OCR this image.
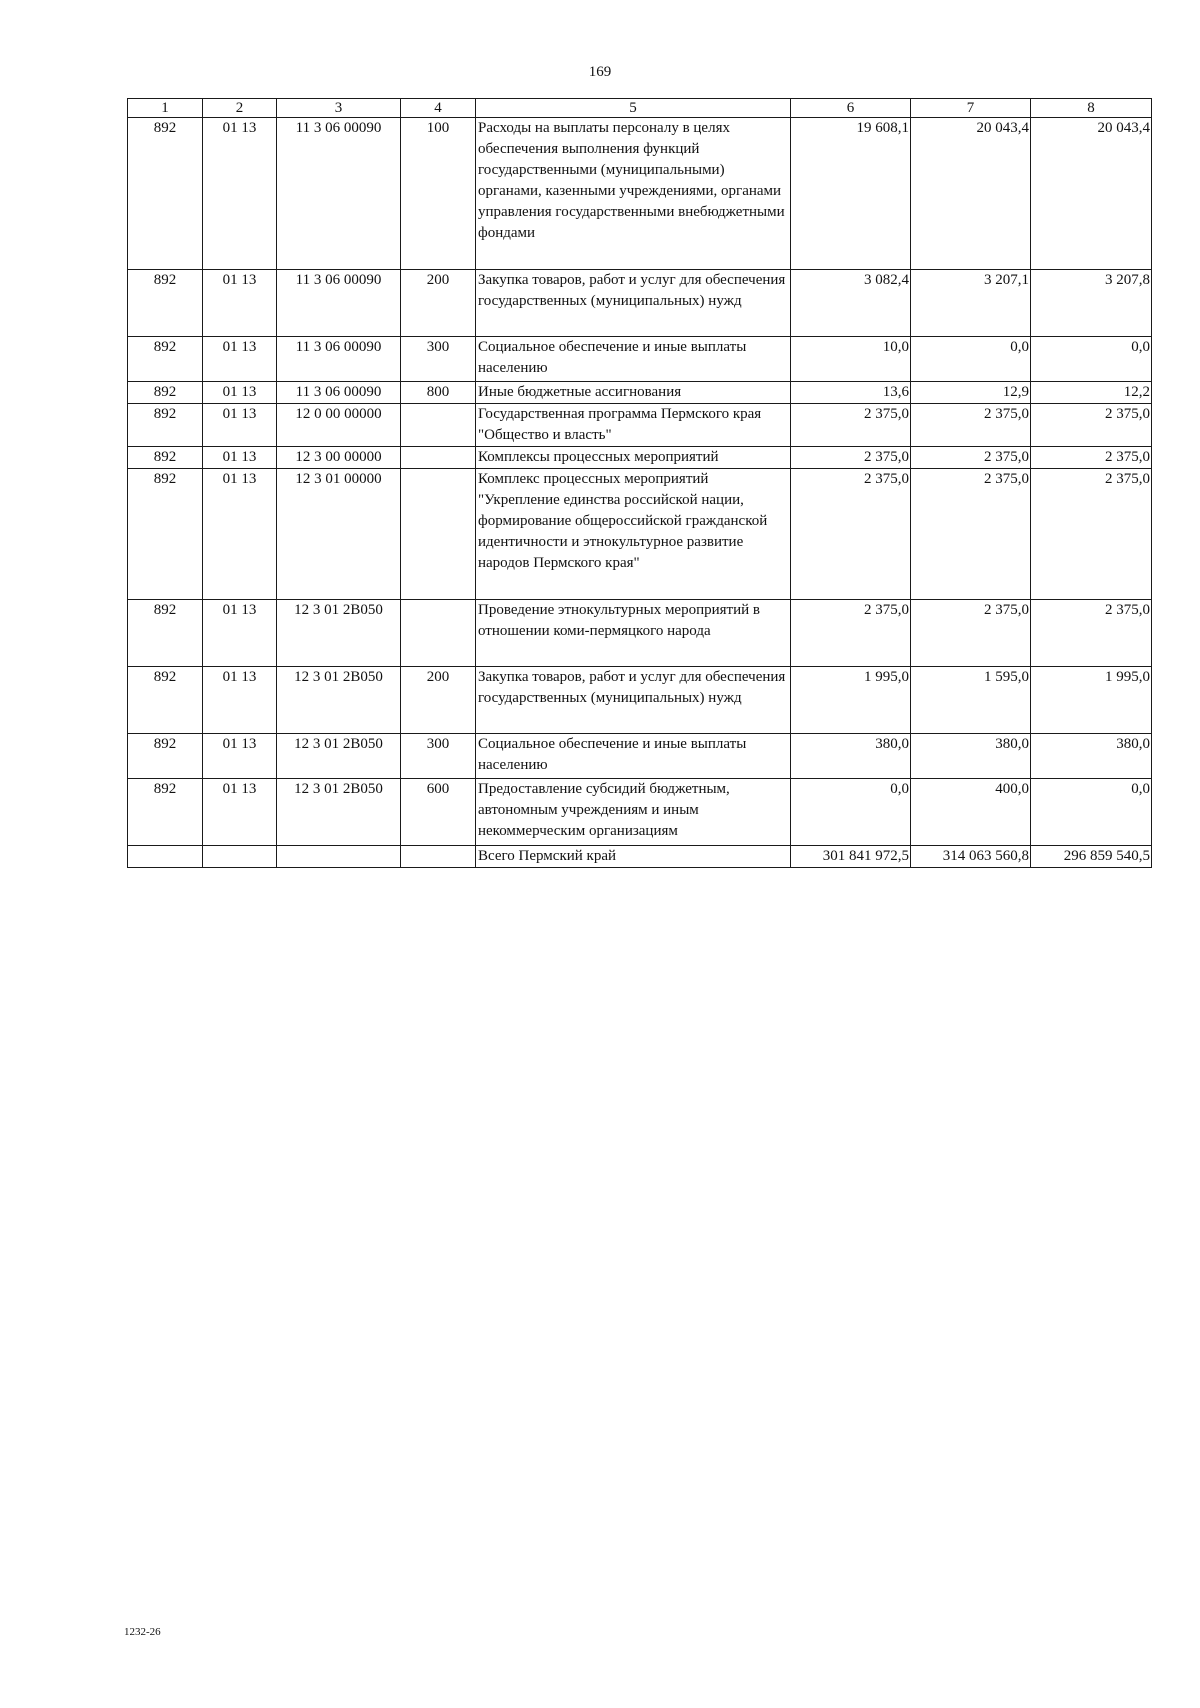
169
1	2	3	4	5	6	7	8
892	01 13	11 3 06 00090	100	Расходы на выплаты персоналу в целях обеспечения выполнения функций государственными (муниципальными) органами, казенными учреждениями, органами управления государственными внебюджетными фондами	19 608,1	20 043,4	20 043,4
892	01 13	11 3 06 00090	200	Закупка товаров, работ и услуг для обеспечения государственных (муниципальных) нужд	3 082,4	3 207,1	3 207,8
892	01 13	11 3 06 00090	300	Социальное обеспечение и иные выплаты населению	10,0	0,0	0,0
892	01 13	11 3 06 00090	800	Иные бюджетные ассигнования	13,6	12,9	12,2
892	01 13	12 0 00 00000		Государственная программа Пермского края "Общество и власть"	2 375,0	2 375,0	2 375,0
892	01 13	12 3 00 00000		Комплексы процессных мероприятий	2 375,0	2 375,0	2 375,0
892	01 13	12 3 01 00000		Комплекс процессных мероприятий "Укрепление единства российской нации, формирование общероссийской гражданской идентичности и этнокультурное развитие народов Пермского края"	2 375,0	2 375,0	2 375,0
892	01 13	12 3 01 2В050		Проведение этнокультурных мероприятий в отношении коми-пермяцкого народа	2 375,0	2 375,0	2 375,0
892	01 13	12 3 01 2В050	200	Закупка товаров, работ и услуг для обеспечения государственных (муниципальных) нужд	1 995,0	1 595,0	1 995,0
892	01 13	12 3 01 2В050	300	Социальное обеспечение и иные выплаты населению	380,0	380,0	380,0
892	01 13	12 3 01 2В050	600	Предоставление субсидий бюджетным, автономным учреждениям и иным некоммерческим организациям	0,0	400,0	0,0
				Всего Пермский край	301 841 972,5	314 063 560,8	296 859 540,5
1232-26
